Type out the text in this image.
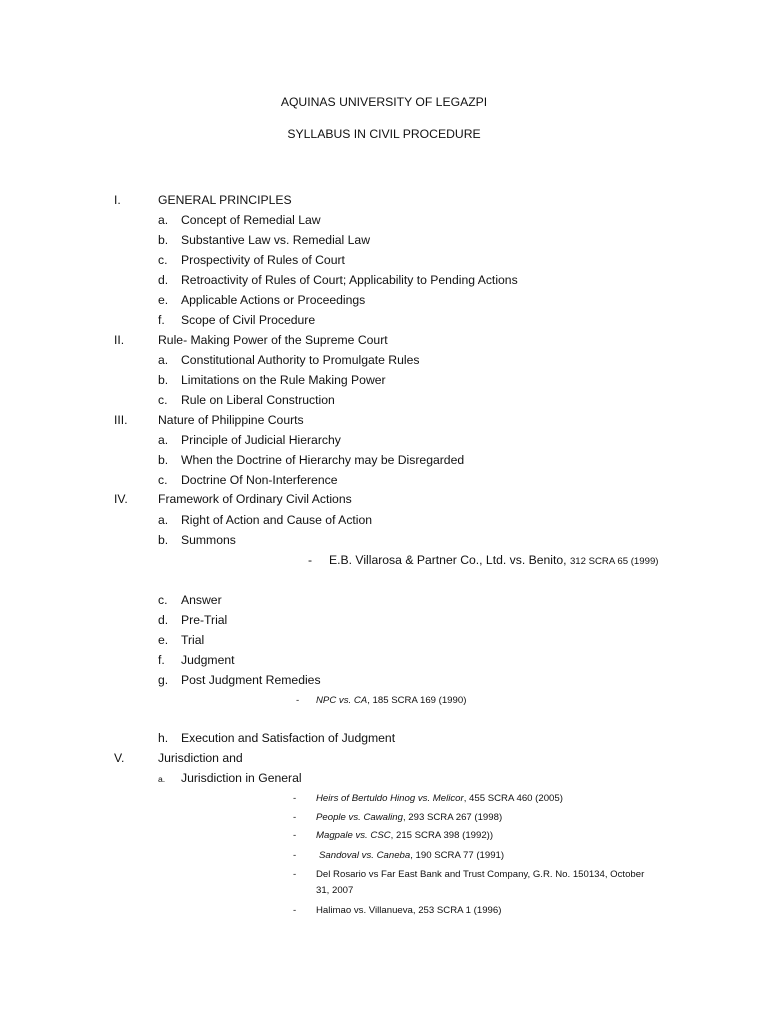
AQUINAS UNIVERSITY OF LEGAZPI
SYLLABUS IN CIVIL PROCEDURE
I.	GENERAL PRINCIPLES
a. Concept of Remedial Law
b. Substantive Law vs. Remedial Law
c. Prospectivity of Rules of Court
d. Retroactivity of Rules of Court; Applicability to Pending Actions
e. Applicable Actions or Proceedings
f. Scope of Civil Procedure
II.	Rule- Making Power of the Supreme Court
a. Constitutional Authority to Promulgate Rules
b. Limitations on the Rule Making Power
c. Rule on Liberal Construction
III. Nature of Philippine Courts
a. Principle of Judicial Hierarchy
b. When the Doctrine of Hierarchy may be Disregarded
c. Doctrine Of Non-Interference
IV. Framework of Ordinary Civil Actions
a. Right of Action and Cause of Action
b. Summons
- E.B. Villarosa & Partner Co., Ltd. vs. Benito, 312 SCRA 65 (1999)
c. Answer
d. Pre-Trial
e. Trial
f. Judgment
g. Post Judgment Remedies
- NPC vs. CA, 185 SCRA 169 (1990)
h. Execution and Satisfaction of Judgment
V.	Jurisdiction and
a. Jurisdiction in General
- Heirs of Bertuldo Hinog vs. Melicor, 455 SCRA 460 (2005)
- People vs. Cawaling, 293 SCRA 267 (1998)
- Magpale vs. CSC, 215 SCRA 398 (1992))
- Sandoval vs. Caneba, 190 SCRA 77 (1991)
- Del Rosario vs Far East Bank and Trust Company, G.R. No. 150134, October
31, 2007
- Halimao vs. Villanueva, 253 SCRA 1 (1996)
